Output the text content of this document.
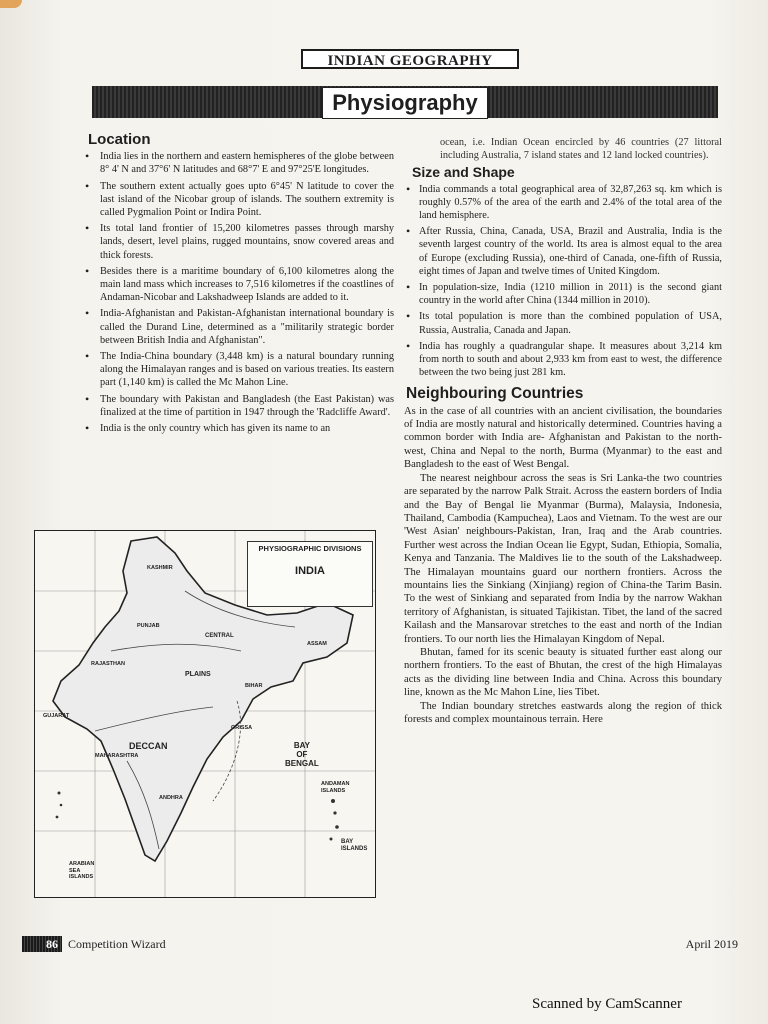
INDIAN GEOGRAPHY
Physiography
Location
• India lies in the northern and eastern hemispheres of the globe between 8° 4' N and 37°6' N latitudes and 68°7' E and 97°25'E longitudes.
• The southern extent actually goes upto 6°45' N latitude to cover the last island of the Nicobar group of islands. The southern extremity is called Pygmalion Point or Indira Point.
• Its total land frontier of 15,200 kilometres passes through marshy lands, desert, level plains, rugged mountains, snow covered areas and thick forests.
• Besides there is a maritime boundary of 6,100 kilometres along the main land mass which increases to 7,516 kilometres if the coastlines of Andaman-Nicobar and Lakshadweep Islands are added to it.
• India-Afghanistan and Pakistan-Afghanistan international boundary is called the Durand Line, determined as a "militarily strategic border between British India and Afghanistan".
• The India-China boundary (3,448 km) is a natural boundary running along the Himalayan ranges and is based on various treaties. Its eastern part (1,140 km) is called the Mc Mahon Line.
• The boundary with Pakistan and Bangladesh (the East Pakistan) was finalized at the time of partition in 1947 through the 'Radcliffe Award'.
• India is the only country which has given its name to an
ocean, i.e. Indian Ocean encircled by 46 countries (27 littoral including Australia, 7 island states and 12 land locked countries).
Size and Shape
• India commands a total geographical area of 32,87,263 sq. km which is roughly 0.57% of the area of the earth and 2.4% of the total area of the land hemisphere.
• After Russia, China, Canada, USA, Brazil and Australia, India is the seventh largest country of the world. Its area is almost equal to the area of Europe (excluding Russia), one-third of Canada, one-fifth of Russia, eight times of Japan and twelve times of United Kingdom.
• In population-size, India (1210 million in 2011) is the second giant country in the world after China (1344 million in 2010).
• Its total population is more than the combined population of USA, Russia, Australia, Canada and Japan.
• India has roughly a quadrangular shape. It measures about 3,214 km from north to south and about 2,933 km from east to west, the difference between the two being just 281 km.
Neighbouring Countries

As in the case of all countries with an ancient civilisation, the boundaries of India are mostly natural and historically determined. Countries having a common border with India are- Afghanistan and Pakistan to the north-west, China and Nepal to the north, Burma (Myanmar) to the east and Bangladesh to the east of West Bengal.

The nearest neighbour across the seas is Sri Lanka-the two countries are separated by the narrow Palk Strait. Across the eastern borders of India and the Bay of Bengal lie Myanmar (Burma), Malaysia, Indonesia, Thailand, Cambodia (Kampuchea), Laos and Vietnam. To the west are our 'West Asian' neighbours-Pakistan, Iran, Iraq and the Arab countries. Further west across the Indian Ocean lie Egypt, Sudan, Ethiopia, Somalia, Kenya and Tanzania. The Maldives lie to the south of the Lakshadweep. The Himalayan mountains guard our northern frontiers. Across the mountains lies the Sinkiang (Xinjiang) region of China-the Tarim Basin. To the west of Sinkiang and separated from India by the narrow Wakhan territory of Afghanistan, is situated Tajikistan. Tibet, the land of the sacred Kailash and the Mansarovar stretches to the east and north of the Indian frontiers. To our north lies the Himalayan Kingdom of Nepal.

Bhutan, famed for its scenic beauty is situated further east along our northern frontiers. To the east of Bhutan, the crest of the high Himalayas acts as the dividing line between India and China. Across this boundary line, known as the Mc Mahon Line, lies Tibet.

The Indian boundary stretches eastwards along the region of thick forests and complex mountainous terrain. Here

PHYSIOGRAPHIC DIVISIONS
INDIA
BAY
OF
BENGAL
ARABIAN
SEA
ISLANDS
ANDAMAN
ISLANDS
BAY
ISLANDS
DECCAN
CENTRAL
PLAINS
GUJARAT
KASHMIR
PUNJAB
RAJASTHAN
ASSAM
MAHARASHTRA
ANDHRA
ORISSA
BIHAR
86 Competition Wizard	April 2019
Scanned by CamScanner
